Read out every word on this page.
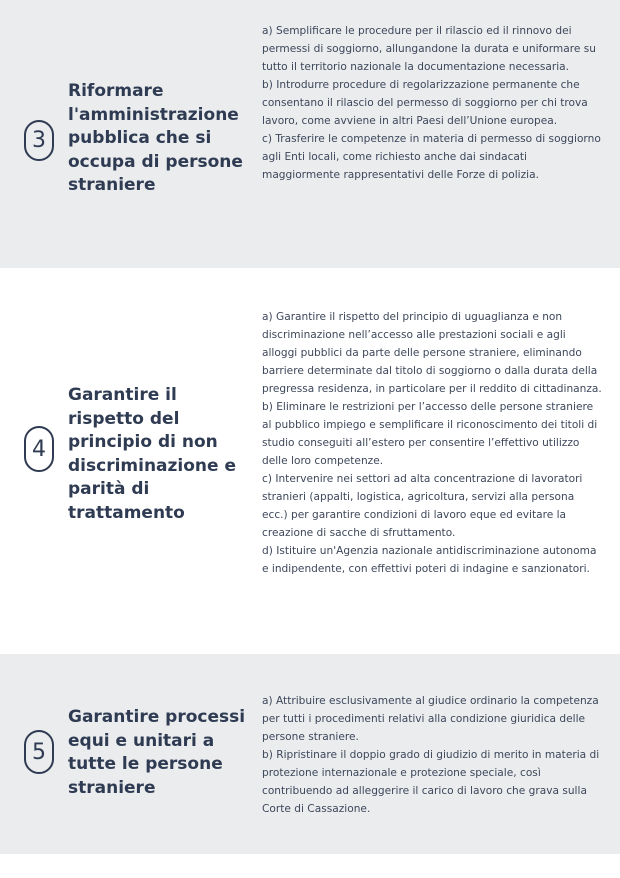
3
Riformare l'amministrazione pubblica che si occupa di persone straniere

a) Semplificare le procedure per il rilascio ed il rinnovo dei permessi di soggiorno, allungandone la durata e uniformare su tutto il territorio nazionale la documentazione necessaria.

b) Introdurre procedure di regolarizzazione permanente che consentano il rilascio del permesso di soggiorno per chi trova lavoro, come avviene in altri Paesi dell’Unione europea.

c) Trasferire le competenze in materia di permesso di soggiorno agli Enti locali, come richiesto anche dai sindacati maggiormente rappresentativi delle Forze di polizia.

4
Garantire il rispetto del principio di non discriminazione e parità di trattamento

a) Garantire il rispetto del principio di uguaglianza e non discriminazione nell’accesso alle prestazioni sociali e agli alloggi pubblici da parte delle persone straniere, eliminando barriere determinate dal titolo di soggiorno o dalla durata della pregressa residenza, in particolare per il reddito di cittadinanza.

b) Eliminare le restrizioni per l’accesso delle persone straniere al pubblico impiego e semplificare il riconoscimento dei titoli di studio conseguiti all’estero per consentire l’effettivo utilizzo delle loro competenze.

c) Intervenire nei settori ad alta concentrazione di lavoratori stranieri (appalti, logistica, agricoltura, servizi alla persona ecc.) per garantire condizioni di lavoro eque ed evitare la creazione di sacche di sfruttamento.

d) Istituire un'Agenzia nazionale antidiscriminazione autonoma e indipendente, con effettivi poteri di indagine e sanzionatori.

5
Garantire processi equi e unitari a tutte le persone straniere

a) Attribuire esclusivamente al giudice ordinario la competenza per tutti i procedimenti relativi alla condizione giuridica delle persone straniere.

b) Ripristinare il doppio grado di giudizio di merito in materia di protezione internazionale e protezione speciale, così contribuendo ad alleggerire il carico di lavoro che grava sulla Corte di Cassazione.
